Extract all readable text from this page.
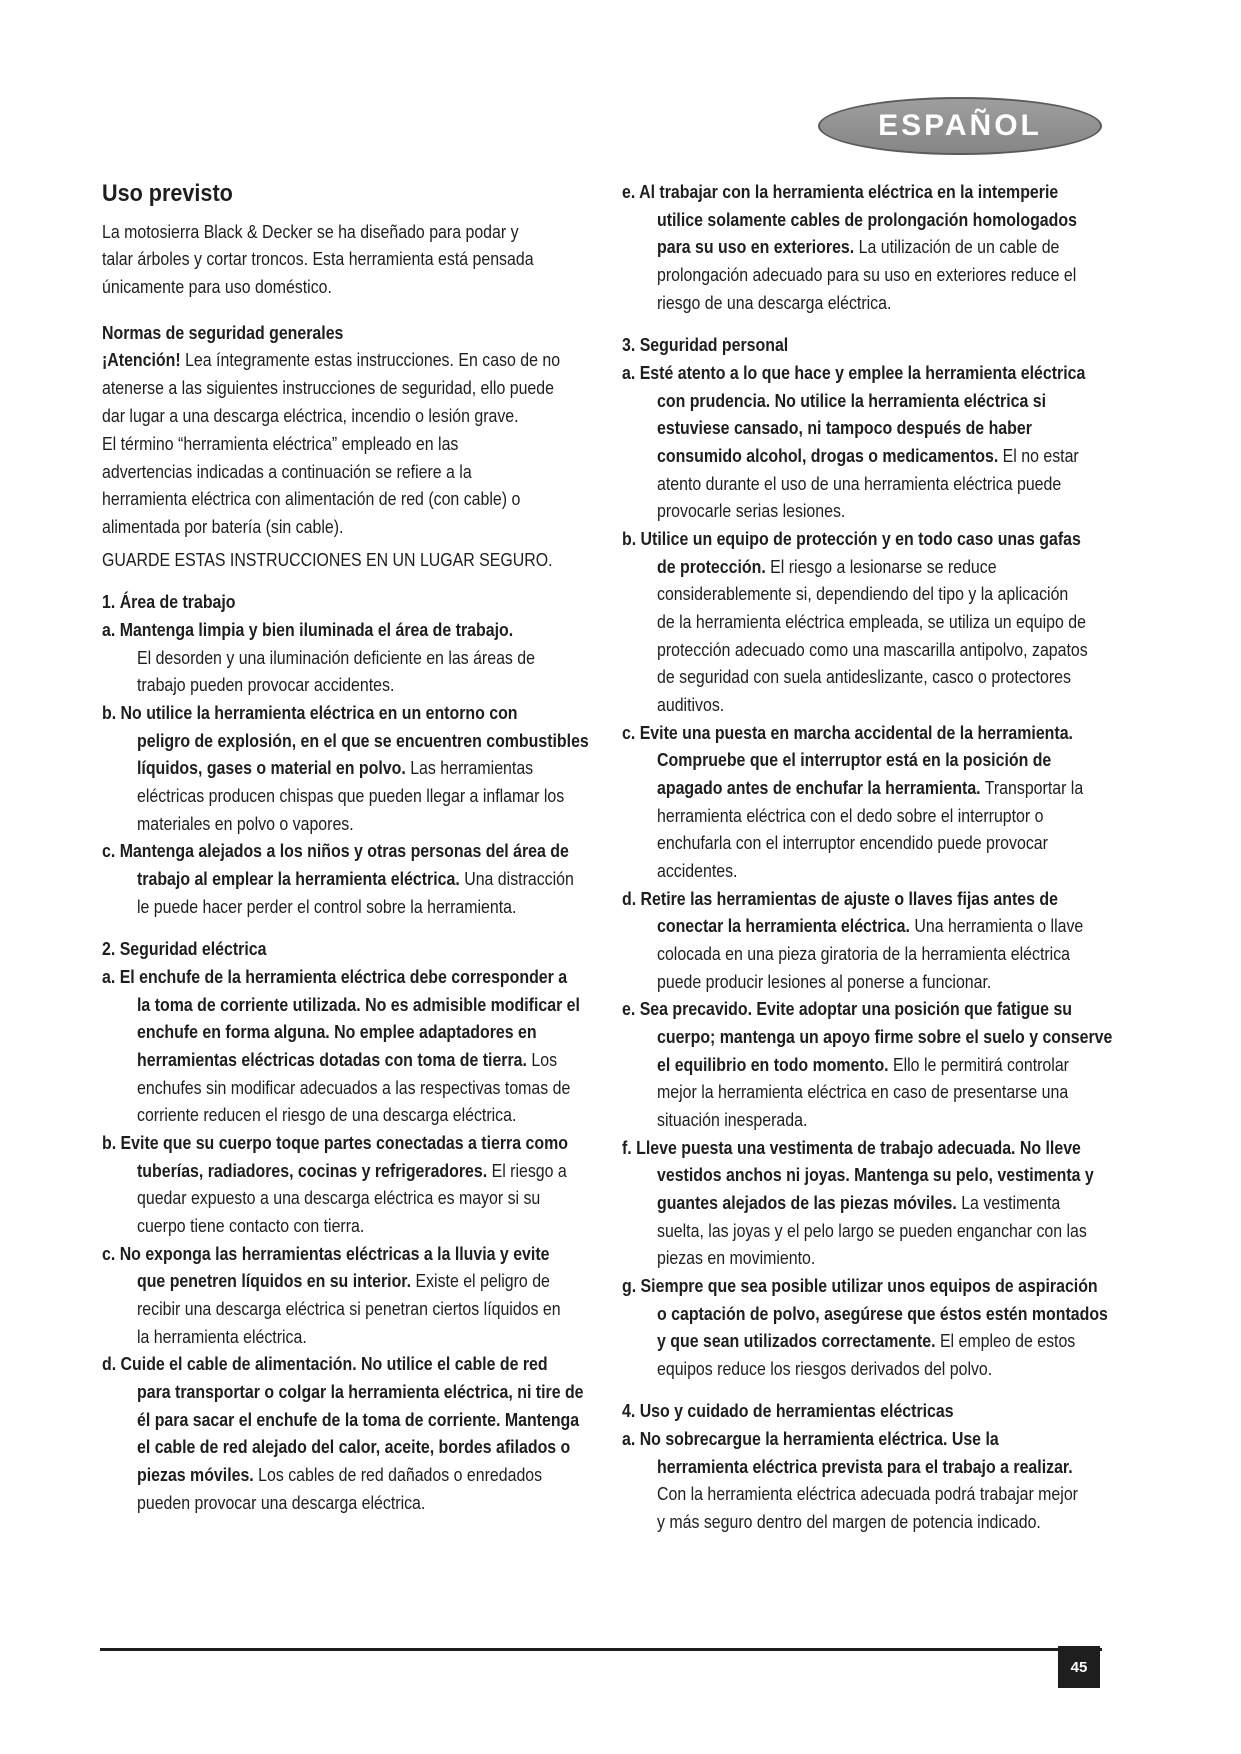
ESPAÑOL
Uso previsto
La motosierra Black & Decker se ha diseñado para podar y
talar árboles y cortar troncos. Esta herramienta está pensada
únicamente para uso doméstico.
Normas de seguridad generales
¡Atención! Lea íntegramente estas instrucciones. En caso de no
atenerse a las siguientes instrucciones de seguridad, ello puede
dar lugar a una descarga eléctrica, incendio o lesión grave.
El término “herramienta eléctrica” empleado en las
advertencias indicadas a continuación se refiere a la
herramienta eléctrica con alimentación de red (con cable) o
alimentada por batería (sin cable).
GUARDE ESTAS INSTRUCCIONES EN UN LUGAR SEGURO.
1. Área de trabajo
a. Mantenga limpia y bien iluminada el área de trabajo.
El desorden y una iluminación deficiente en las áreas de
trabajo pueden provocar accidentes.
b. No utilice la herramienta eléctrica en un entorno con
peligro de explosión, en el que se encuentren combustibles
líquidos, gases o material en polvo. Las herramientas
eléctricas producen chispas que pueden llegar a inflamar los
materiales en polvo o vapores.
c. Mantenga alejados a los niños y otras personas del área de
trabajo al emplear la herramienta eléctrica. Una distracción
le puede hacer perder el control sobre la herramienta.
2. Seguridad eléctrica
a. El enchufe de la herramienta eléctrica debe corresponder a
la toma de corriente utilizada. No es admisible modificar el
enchufe en forma alguna. No emplee adaptadores en
herramientas eléctricas dotadas con toma de tierra. Los
enchufes sin modificar adecuados a las respectivas tomas de
corriente reducen el riesgo de una descarga eléctrica.
b. Evite que su cuerpo toque partes conectadas a tierra como
tuberías, radiadores, cocinas y refrigeradores. El riesgo a
quedar expuesto a una descarga eléctrica es mayor si su
cuerpo tiene contacto con tierra.
c. No exponga las herramientas eléctricas a la lluvia y evite
que penetren líquidos en su interior. Existe el peligro de
recibir una descarga eléctrica si penetran ciertos líquidos en
la herramienta eléctrica.
d. Cuide el cable de alimentación. No utilice el cable de red
para transportar o colgar la herramienta eléctrica, ni tire de
él para sacar el enchufe de la toma de corriente. Mantenga
el cable de red alejado del calor, aceite, bordes afilados o
piezas móviles. Los cables de red dañados o enredados
pueden provocar una descarga eléctrica.
e. Al trabajar con la herramienta eléctrica en la intemperie
utilice solamente cables de prolongación homologados
para su uso en exteriores. La utilización de un cable de
prolongación adecuado para su uso en exteriores reduce el
riesgo de una descarga eléctrica.
3. Seguridad personal
a. Esté atento a lo que hace y emplee la herramienta eléctrica
con prudencia. No utilice la herramienta eléctrica si
estuviese cansado, ni tampoco después de haber
consumido alcohol, drogas o medicamentos. El no estar
atento durante el uso de una herramienta eléctrica puede
provocarle serias lesiones.
b. Utilice un equipo de protección y en todo caso unas gafas
de protección. El riesgo a lesionarse se reduce
considerablemente si, dependiendo del tipo y la aplicación
de la herramienta eléctrica empleada, se utiliza un equipo de
protección adecuado como una mascarilla antipolvo, zapatos
de seguridad con suela antideslizante, casco o protectores
auditivos.
c. Evite una puesta en marcha accidental de la herramienta.
Compruebe que el interruptor está en la posición de
apagado antes de enchufar la herramienta. Transportar la
herramienta eléctrica con el dedo sobre el interruptor o
enchufarla con el interruptor encendido puede provocar
accidentes.
d. Retire las herramientas de ajuste o llaves fijas antes de
conectar la herramienta eléctrica. Una herramienta o llave
colocada en una pieza giratoria de la herramienta eléctrica
puede producir lesiones al ponerse a funcionar.
e. Sea precavido. Evite adoptar una posición que fatigue su
cuerpo; mantenga un apoyo firme sobre el suelo y conserve
el equilibrio en todo momento. Ello le permitirá controlar
mejor la herramienta eléctrica en caso de presentarse una
situación inesperada.
f. Lleve puesta una vestimenta de trabajo adecuada. No lleve
vestidos anchos ni joyas. Mantenga su pelo, vestimenta y
guantes alejados de las piezas móviles. La vestimenta
suelta, las joyas y el pelo largo se pueden enganchar con las
piezas en movimiento.
g. Siempre que sea posible utilizar unos equipos de aspiración
o captación de polvo, asegúrese que éstos estén montados
y que sean utilizados correctamente. El empleo de estos
equipos reduce los riesgos derivados del polvo.
4. Uso y cuidado de herramientas eléctricas
a. No sobrecargue la herramienta eléctrica. Use la
herramienta eléctrica prevista para el trabajo a realizar.
Con la herramienta eléctrica adecuada podrá trabajar mejor
y más seguro dentro del margen de potencia indicado.
45
